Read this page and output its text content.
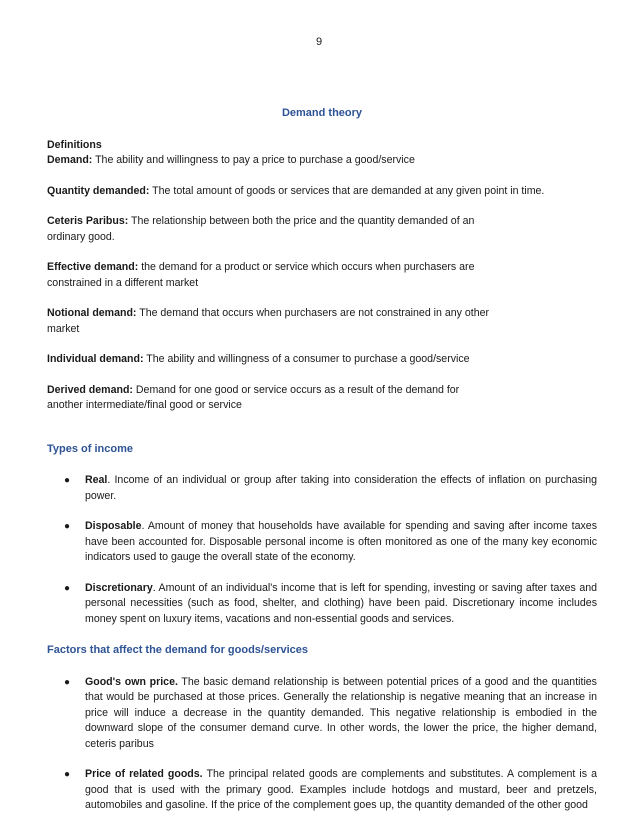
9
Demand theory
Definitions

Demand: The ability and willingness to pay a price to purchase a good/service

Quantity demanded: The total amount of goods or services that are demanded at any given point in time.

Ceteris Paribus: The relationship between both the price and the quantity demanded of an ordinary good.

Effective demand: the demand for a product or service which occurs when purchasers are constrained in a different market

Notional demand: The demand that occurs when purchasers are not constrained in any other market

Individual demand: The ability and willingness of a consumer to purchase a good/service

Derived demand: Demand for one good or service occurs as a result of the demand for another intermediate/final good or service

Types of income
● Real. Income of an individual or group after taking into consideration the effects of inflation on purchasing power.
● Disposable. Amount of money that households have available for spending and saving after income taxes have been accounted for. Disposable personal income is often monitored as one of the many key economic indicators used to gauge the overall state of the economy.
● Discretionary. Amount of an individual's income that is left for spending, investing or saving after taxes and personal necessities (such as food, shelter, and clothing) have been paid. Discretionary income includes money spent on luxury items, vacations and non-essential goods and services.
Factors that affect the demand for goods/services
● Good's own price. The basic demand relationship is between potential prices of a good and the quantities that would be purchased at those prices. Generally the relationship is negative meaning that an increase in price will induce a decrease in the quantity demanded. This negative relationship is embodied in the downward slope of the consumer demand curve. In other words, the lower the price, the higher demand, ceteris paribus
● Price of related goods. The principal related goods are complements and substitutes. A complement is a good that is used with the primary good. Examples include hotdogs and mustard, beer and pretzels, automobiles and gasoline. If the price of the complement goes up, the quantity demanded of the other good
